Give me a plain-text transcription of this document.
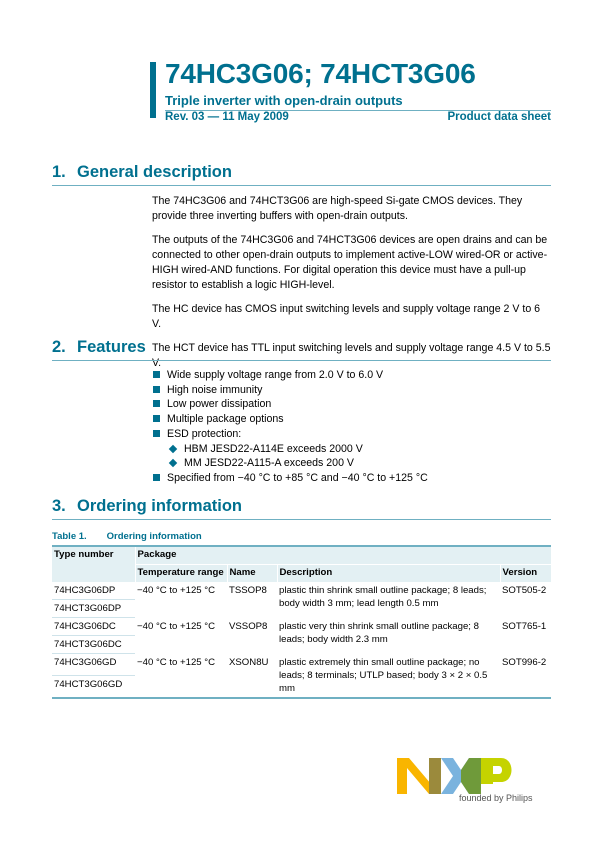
74HC3G06; 74HCT3G06
Triple inverter with open-drain outputs
Rev. 03 — 11 May 2009	Product data sheet
1. General description

The 74HC3G06 and 74HCT3G06 are high-speed Si-gate CMOS devices. They provide three inverting buffers with open-drain outputs.

The outputs of the 74HC3G06 and 74HCT3G06 devices are open drains and can be connected to other open-drain outputs to implement active-LOW wired-OR or active-HIGH wired-AND functions. For digital operation this device must have a pull-up resistor to establish a logic HIGH-level.

The HC device has CMOS input switching levels and supply voltage range 2 V to 6 V.

The HCT device has TTL input switching levels and supply voltage range 4.5 V to 5.5 V.

2. Features
Wide supply voltage range from 2.0 V to 6.0 V
High noise immunity
Low power dissipation
Multiple package options
ESD protection:
HBM JESD22-A114E exceeds 2000 V
MM JESD22-A115-A exceeds 200 V
Specified from −40 °C to +85 °C and −40 °C to +125 °C
3. Ordering information
Table 1. Ordering information
Type number	Package			
	Temperature range	Name	Description	Version
74HC3G06DP	−40 °C to +125 °C	TSSOP8	plastic thin shrink small outline package; 8 leads; body width 3 mm; lead length 0.5 mm	SOT505-2
74HCT3G06DP				
74HC3G06DC	−40 °C to +125 °C	VSSOP8	plastic very thin shrink small outline package; 8 leads; body width 2.3 mm	SOT765-1
74HCT3G06DC				
74HC3G06GD	−40 °C to +125 °C	XSON8U	plastic extremely thin small outline package; no leads; 8 terminals; UTLP based; body 3 × 2 × 0.5 mm	SOT996-2
74HCT3G06GD				
founded by Philips
